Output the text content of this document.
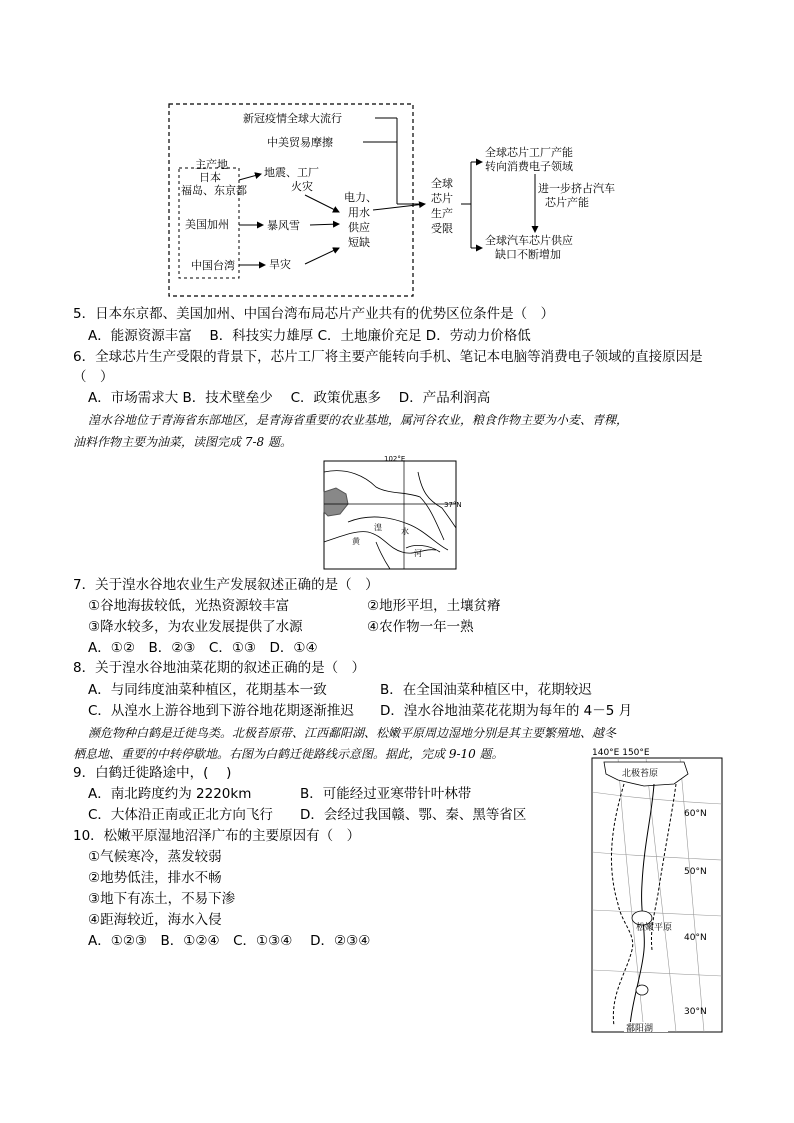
新冠疫情全球大流行
中美贸易摩擦
主产地
日本
福岛、东京都
美国加州
中国台湾
地震、工厂
火灾
暴风雪
旱灾
电力、
用水
供应
短缺
全球
芯片
生产
受限
全球芯片工厂产能
转向消费电子领域
进一步挤占汽车
芯片产能
全球汽车芯片供应
缺口不断增加
5．日本东京都、美国加州、中国台湾布局芯片产业共有的优势区位条件是（　）
A．能源资源丰富　 B．科技实力雄厚 C．土地廉价充足 D．劳动力价格低
6．全球芯片生产受限的背景下，芯片工厂将主要产能转向手机、笔记本电脑等消费电子领域的直接原因是
（　）
A．市场需求大 B．技术壁垒少　 C．政策优惠多　 D．产品利润高
湟水谷地位于青海省东部地区，是青海省重要的农业基地，属河谷农业，粮食作物主要为小麦、青稞，
油料作物主要为油菜，读图完成 7-8 题。
102°E
37°N
湟 水
黄
河
7．关于湟水谷地农业生产发展叙述正确的是（　）
①谷地海拔较低，光热资源较丰富	②地形平坦，土壤贫瘠
③降水较多，为农业发展提供了水源	④农作物一年一熟
A．①②　B．②③　C．①③　D．①④
8．关于湟水谷地油菜花期的叙述正确的是（　）
A．与同纬度油菜种植区，花期基本一致	B．在全国油菜种植区中，花期较迟
C．从湟水上游谷地到下游谷地花期逐渐推迟 D．湟水谷地油菜花花期为每年的 4－5 月
濒危物种白鹤是迁徙鸟类。北极苔原带、江西鄱阳湖、松嫩平原周边湿地分别是其主要繁殖地、越冬
栖息地、重要的中转停歇地。右图为白鹤迁徙路线示意图。据此，完成 9-10 题。
9．白鹤迁徙路途中，(　 )
A．南北跨度约为 2220km	B．可能经过亚寒带针叶林带
C．大体沿正南或正北方向飞行 D．会经过我国赣、鄂、秦、黑等省区
10．松嫩平原湿地沼泽广布的主要原因有（　）
①气候寒冷，蒸发较弱
②地势低洼，排水不畅
③地下有冻土，不易下渗
④距海较近，海水入侵
A．①②③　B．①②④　C．①③④　 D．②③④
140°E 150°E
北极苔原
松嫩平原
鄱阳湖
60°N
50°N
40°N
30°N
